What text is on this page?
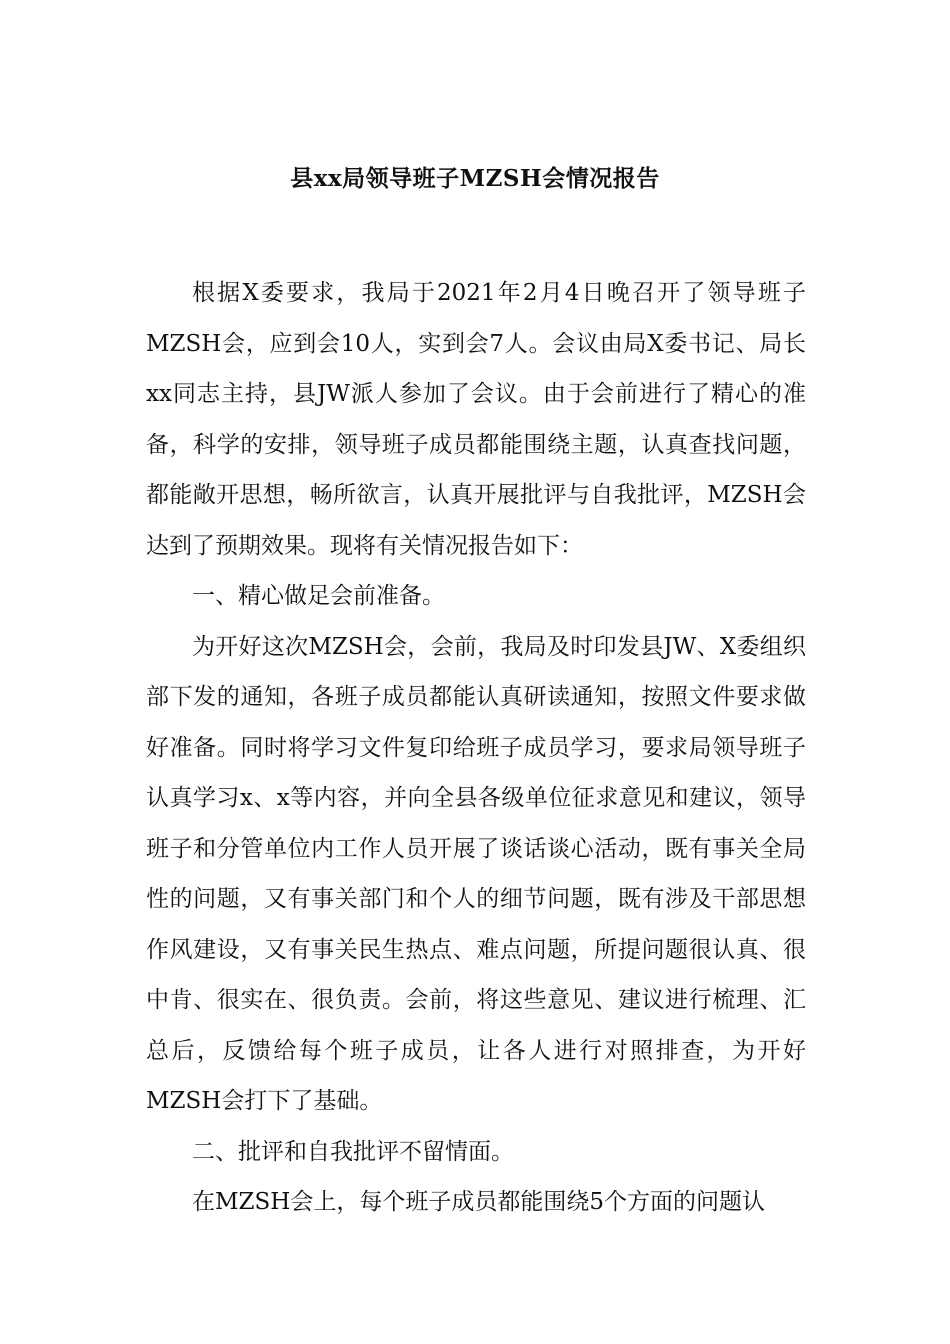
县xx局领导班子MZSH会情况报告

根据X委要求，我局于2021年2月4日晚召开了领导班子MZSH会，应到会10人，实到会7人。会议由局X委书记、局长xx同志主持，县JW派人参加了会议。由于会前进行了精心的准备，科学的安排，领导班子成员都能围绕主题，认真查找问题，都能敞开思想，畅所欲言，认真开展批评与自我批评，MZSH会达到了预期效果。现将有关情况报告如下：

一、精心做足会前准备。

为开好这次MZSH会，会前，我局及时印发县JW、X委组织部下发的通知，各班子成员都能认真研读通知，按照文件要求做好准备。同时将学习文件复印给班子成员学习，要求局领导班子认真学习x、x等内容，并向全县各级单位征求意见和建议，领导班子和分管单位内工作人员开展了谈话谈心活动，既有事关全局性的问题，又有事关部门和个人的细节问题，既有涉及干部思想作风建设，又有事关民生热点、难点问题，所提问题很认真、很中肯、很实在、很负责。会前，将这些意见、建议进行梳理、汇总后，反馈给每个班子成员，让各人进行对照排查，为开好MZSH会打下了基础。

二、批评和自我批评不留情面。

在MZSH会上，每个班子成员都能围绕5个方面的问题认
